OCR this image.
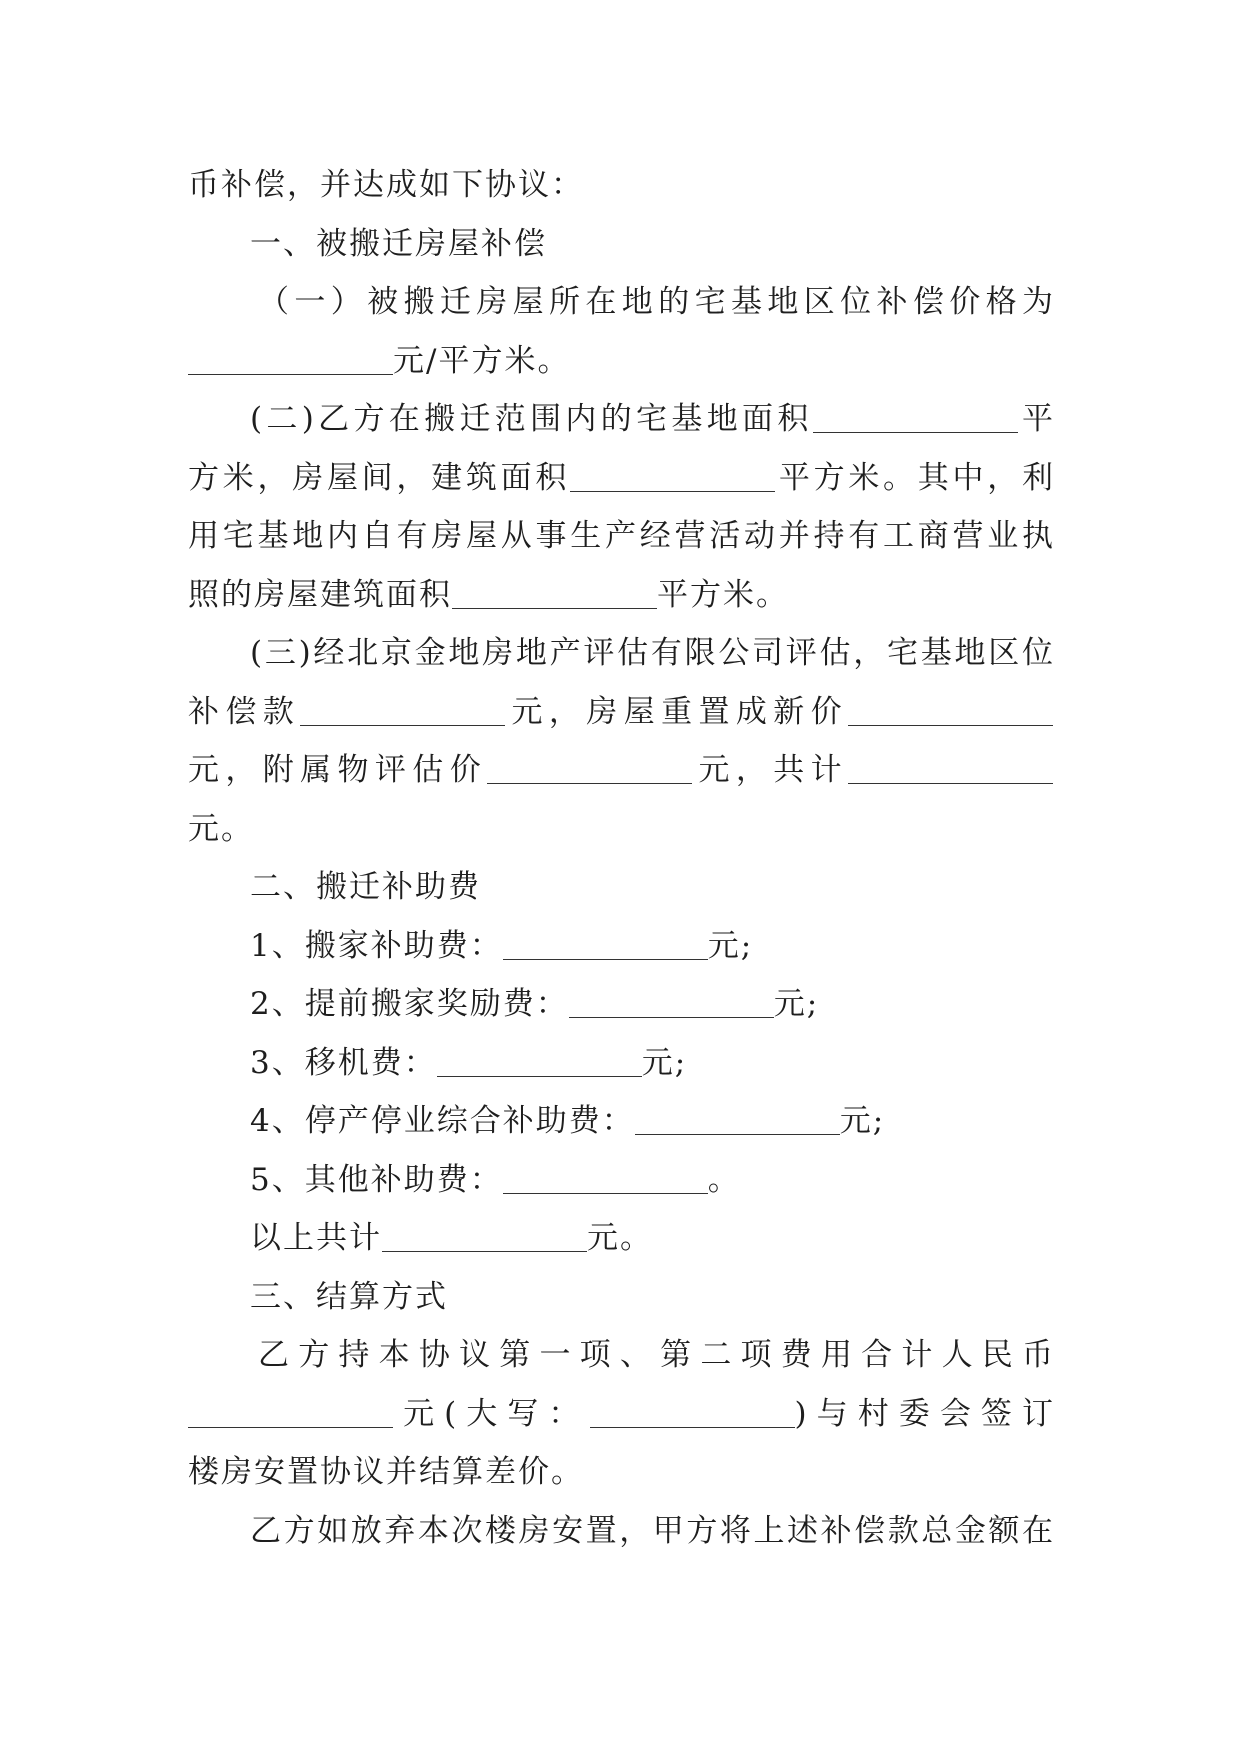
币补偿，并达成如下协议：
一、被搬迁房屋补偿
（一）被搬迁房屋所在地的宅基地区位补偿价格为
元/平方米。
(二)乙方在搬迁范围内的宅基地面积	平
方米，房屋间，建筑面积	平方米。其中，利
用宅基地内自有房屋从事生产经营活动并持有工商营业执
照的房屋建筑面积	平方米。
(三)经北京金地房地产评估有限公司评估，宅基地区位
补偿款	元，房屋重置成新价
元，附属物评估价	元，共计
元。
二、搬迁补助费
1、搬家补助费：	元;
2、提前搬家奖励费：	元;
3、移机费：	元;
4、停产停业综合补助费：	元;
5、其他补助费：	。
以上共计	元。
三、结算方式
乙方持本协议第一项、第二项费用合计人民币
元(大写：	)与村委会签订
楼房安置协议并结算差价。
乙方如放弃本次楼房安置，甲方将上述补偿款总金额在
